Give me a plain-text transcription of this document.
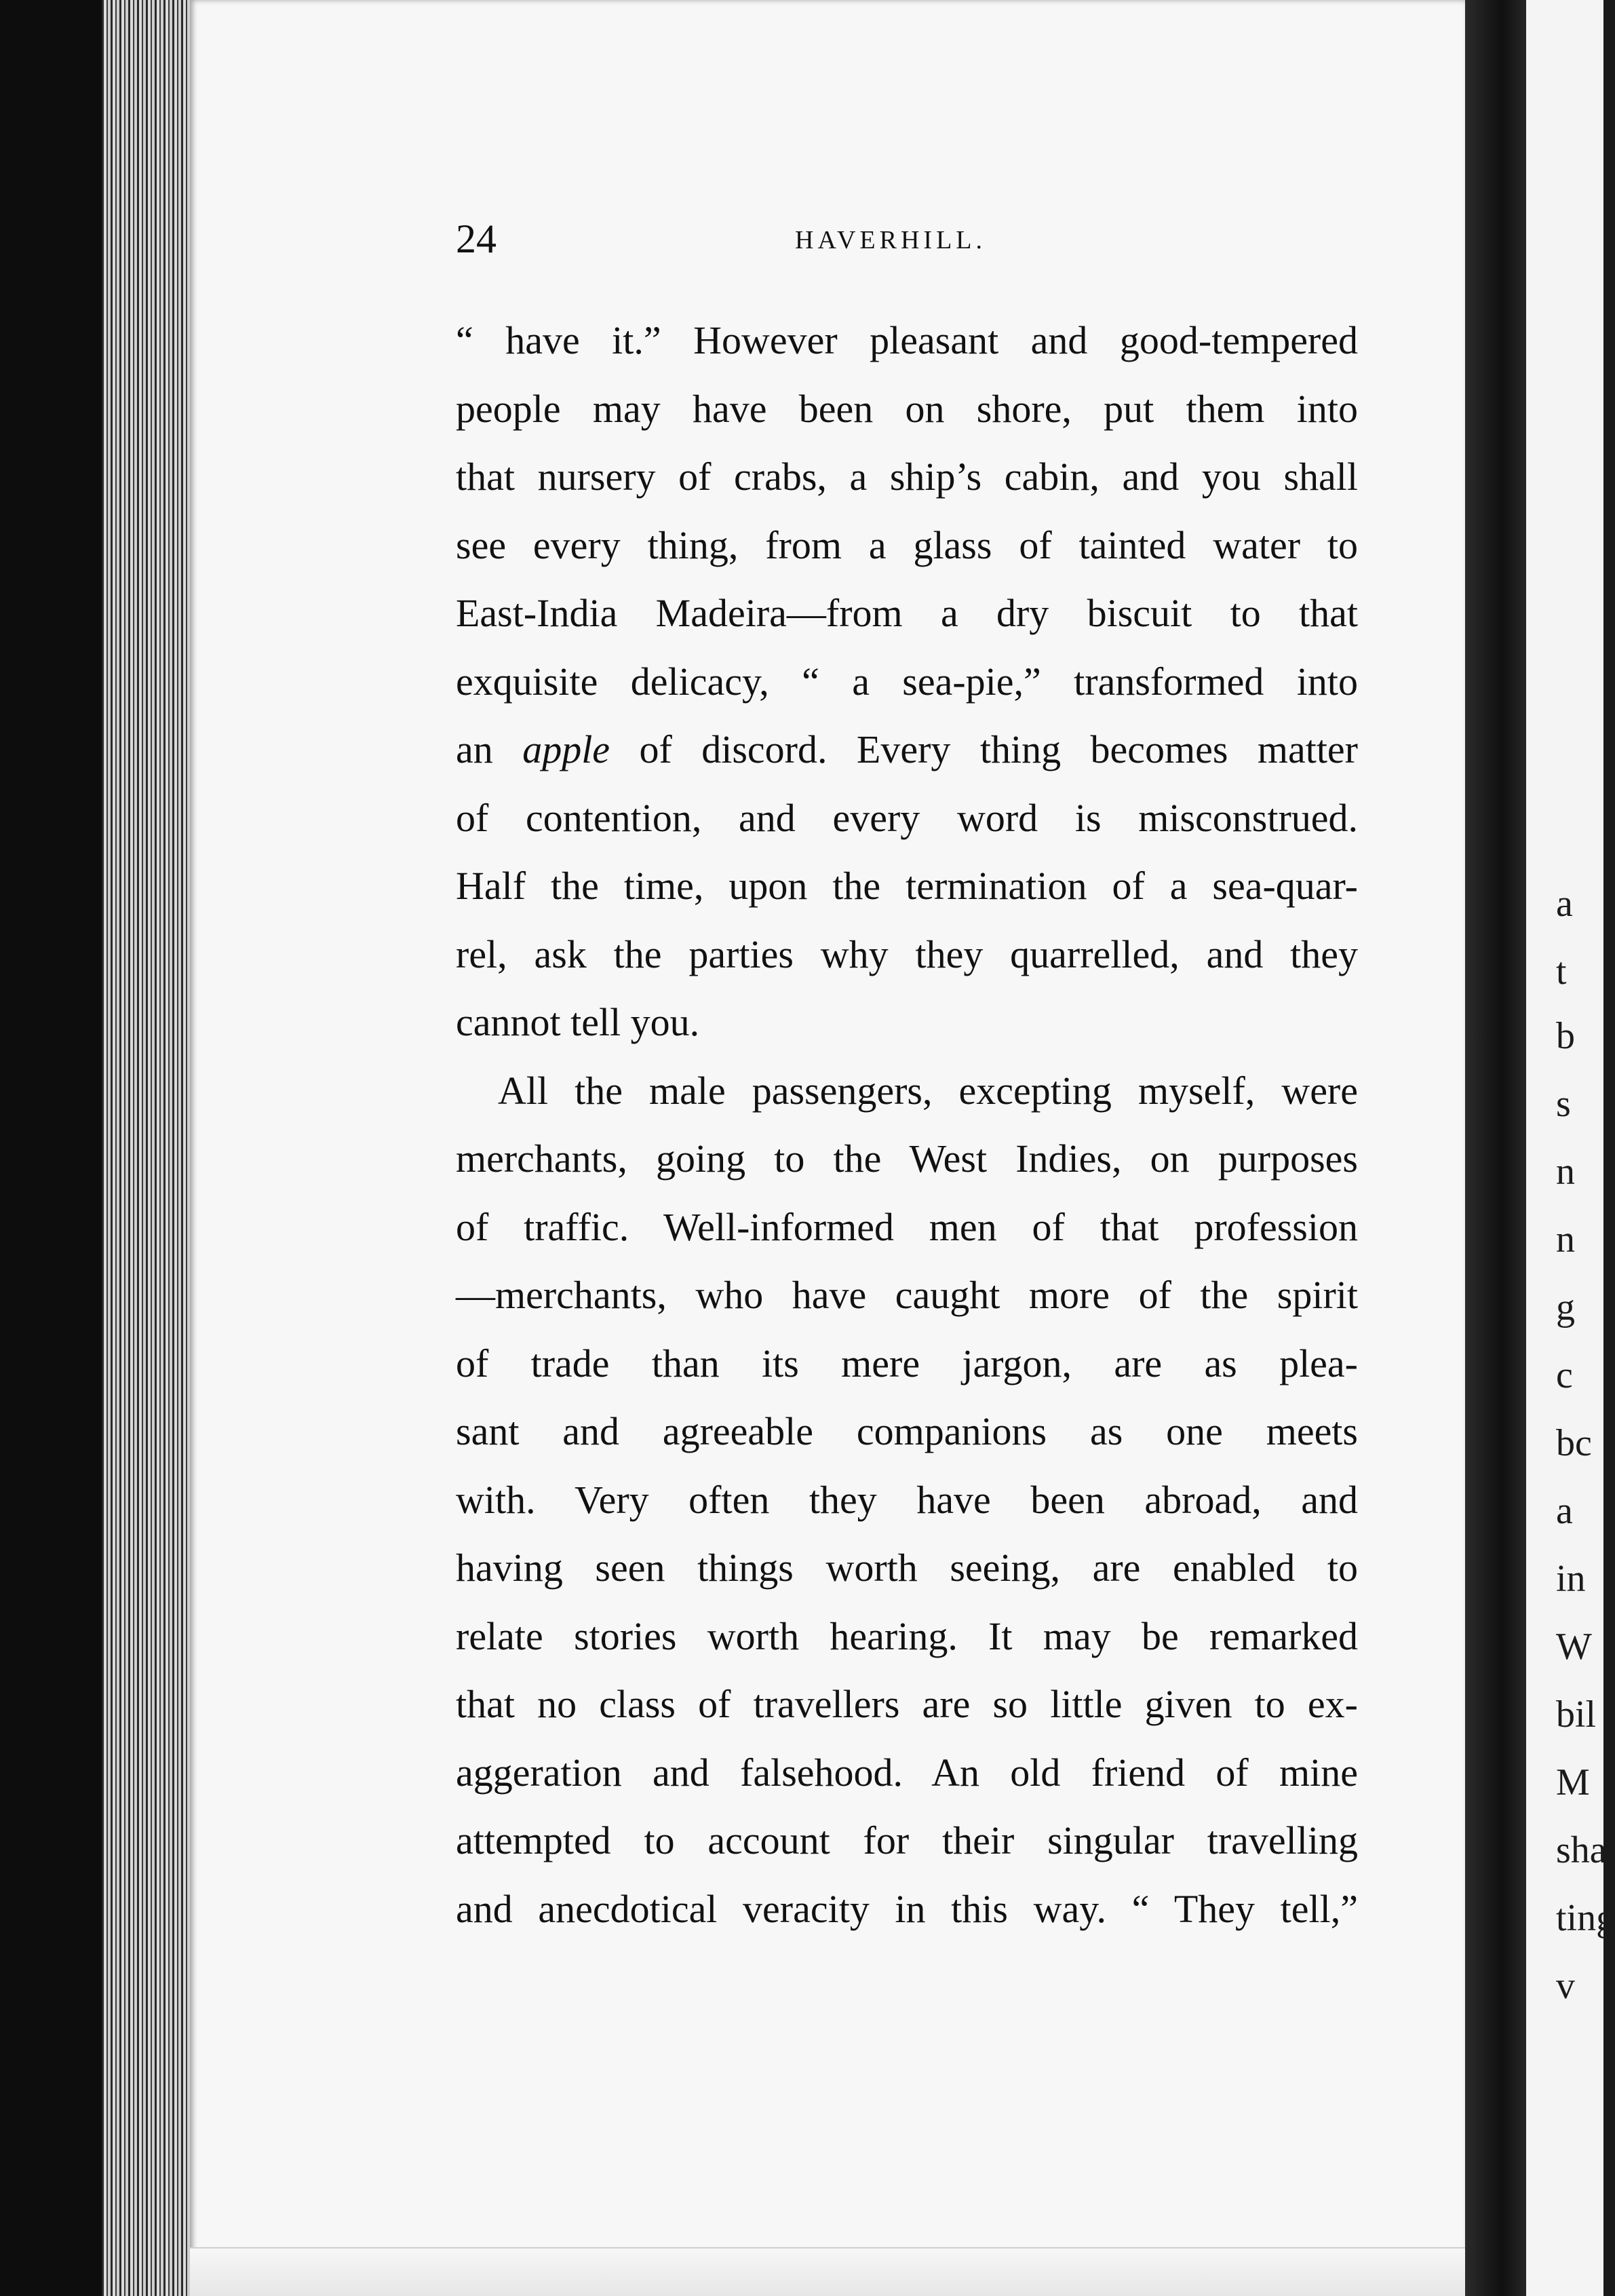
24	HAVERHILL.
“ have it.” However pleasant and good-tempered
people may have been on shore, put them into
that nursery of crabs, a ship’s cabin, and you shall
see every thing, from a glass of tainted water to
East-India Madeira—from a dry biscuit to that
exquisite delicacy, “ a sea-pie,” transformed into
an apple of discord. Every thing becomes matter
of contention, and every word is misconstrued.
Half the time, upon the termination of a sea-quar-
rel, ask the parties why they quarrelled, and they
cannot tell you.
All the male passengers, excepting myself, were
merchants, going to the West Indies, on purposes
of traffic. Well-informed men of that profession
—merchants, who have caught more of the spirit
of trade than its mere jargon, are as plea-
sant and agreeable companions as one meets
with. Very often they have been abroad, and
having seen things worth seeing, are enabled to
relate stories worth hearing. It may be remarked
that no class of travellers are so little given to ex-
aggeration and falsehood. An old friend of mine
attempted to account for their singular travelling
and anecdotical veracity in this way. “ They tell,”
a
t
b
s
n
n
g
c
bc
a
in
W
bil
M
sha
ting
v
